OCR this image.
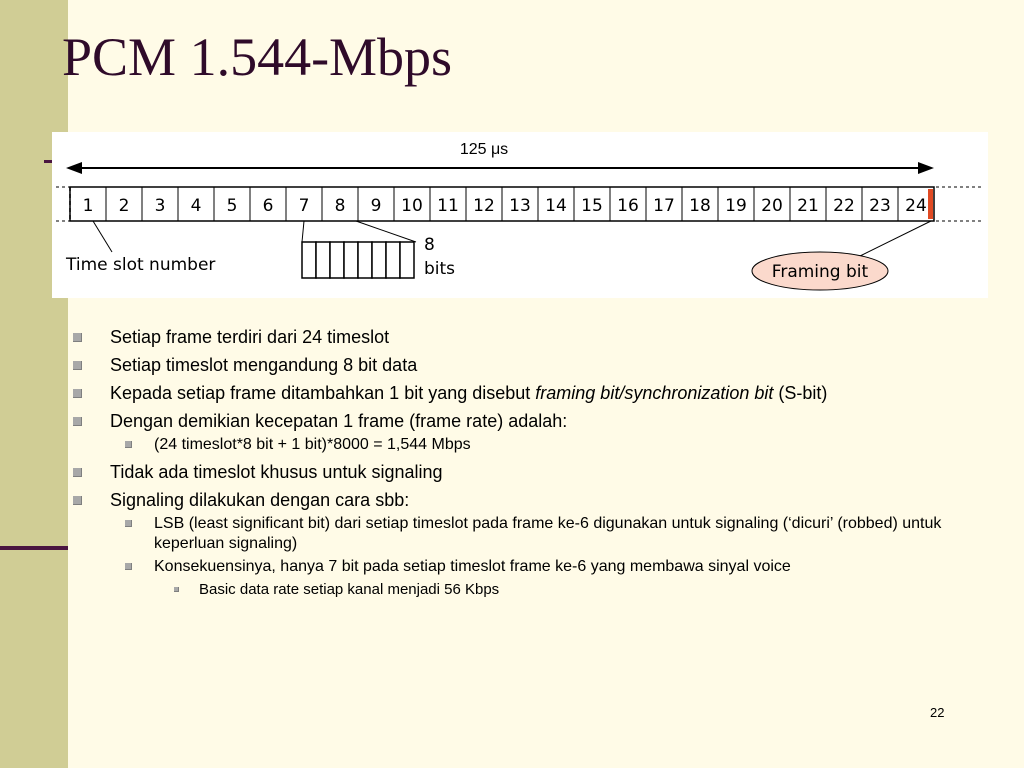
PCM 1.544-Mbps
125 μs
1 2 3 4 5 6 7 8 9 10 11 12 13 14 15 16 17 18 19 20 21 22 23 24
Time slot number
8
bits	Framing bit
Setiap frame terdiri dari 24 timeslot
Setiap timeslot mengandung 8 bit data
Kepada setiap frame ditambahkan 1 bit yang disebut framing bit/synchronization bit (S-bit)
Dengan demikian kecepatan 1 frame (frame rate) adalah:
(24 timeslot*8 bit + 1 bit)*8000 = 1,544 Mbps
Tidak ada timeslot khusus untuk signaling
Signaling dilakukan dengan cara sbb:
LSB (least significant bit) dari setiap timeslot pada frame ke-6 digunakan untuk signaling (‘dicuri’ (robbed) untuk keperluan signaling)
Konsekuensinya, hanya 7 bit pada setiap timeslot frame ke-6 yang membawa sinyal voice
Basic data rate setiap kanal menjadi 56 Kbps
22
